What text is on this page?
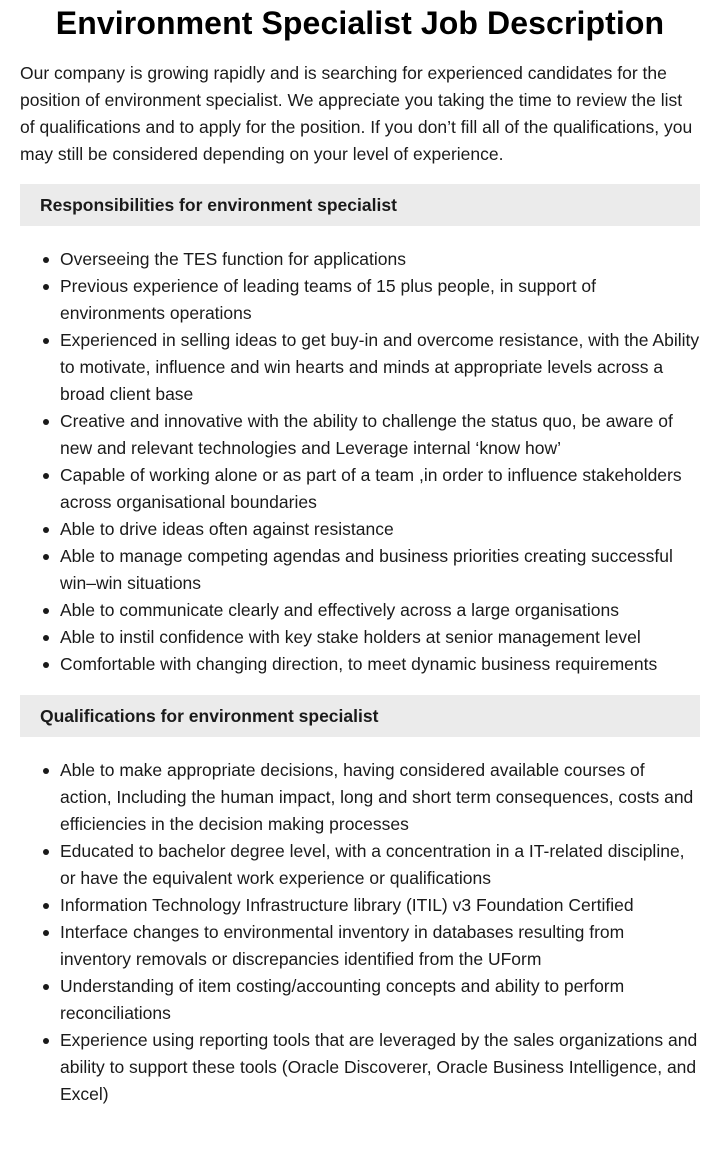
Environment Specialist Job Description

Our company is growing rapidly and is searching for experienced candidates for the position of environment specialist. We appreciate you taking the time to review the list of qualifications and to apply for the position. If you don’t fill all of the qualifications, you may still be considered depending on your level of experience.

Responsibilities for environment specialist
Overseeing the TES function for applications
Previous experience of leading teams of 15 plus people, in support of environments operations
Experienced in selling ideas to get buy-in and overcome resistance, with the Ability to motivate, influence and win hearts and minds at appropriate levels across a broad client base
Creative and innovative with the ability to challenge the status quo, be aware of new and relevant technologies and Leverage internal ‘know how’
Capable of working alone or as part of a team ,in order to influence stakeholders across organisational boundaries
Able to drive ideas often against resistance
Able to manage competing agendas and business priorities creating successful win–win situations
Able to communicate clearly and effectively across a large organisations
Able to instil confidence with key stake holders at senior management level
Comfortable with changing direction, to meet dynamic business requirements
Qualifications for environment specialist
Able to make appropriate decisions, having considered available courses of action, Including the human impact, long and short term consequences, costs and efficiencies in the decision making processes
Educated to bachelor degree level, with a concentration in a IT-related discipline, or have the equivalent work experience or qualifications
Information Technology Infrastructure library (ITIL) v3 Foundation Certified
Interface changes to environmental inventory in databases resulting from inventory removals or discrepancies identified from the UForm
Understanding of item costing/accounting concepts and ability to perform reconciliations
Experience using reporting tools that are leveraged by the sales organizations and ability to support these tools (Oracle Discoverer, Oracle Business Intelligence, and Excel)
